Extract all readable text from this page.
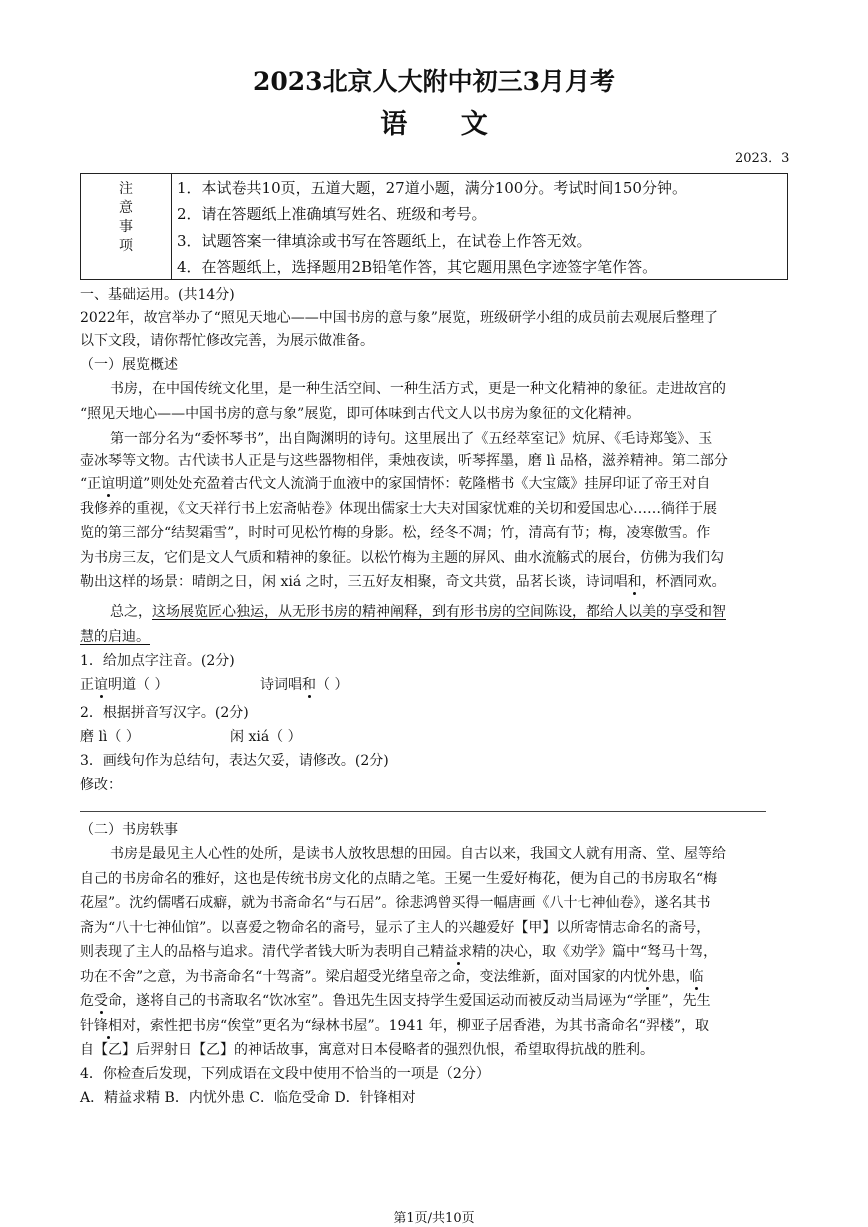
2023北京人大附中初三3月月考
语 文
2023．3
注
意
事
项
1．本试卷共10页，五道大题，27道小题，满分100分。考试时间150分钟。
2．请在答题纸上准确填写姓名、班级和考号。
3．试题答案一律填涂或书写在答题纸上，在试卷上作答无效。
4．在答题纸上，选择题用2B铅笔作答，其它题用黑色字迹签字笔作答。
一、基础运用。(共14分)
2022年，故宫举办了“照见天地心——中国书房的意与象”展览，班级研学小组的成员前去观展后整理了
以下文段，请你帮忙修改完善，为展示做准备。
（一）展览概述
书房，在中国传统文化里，是一种生活空间、一种生活方式，更是一种文化精神的象征。走进故宫的
“照见天地心——中国书房的意与象”展览，即可体味到古代文人以书房为象征的文化精神。
第一部分名为“委怀琴书”，出自陶渊明的诗句。这里展出了《五经萃室记》炕屏、《毛诗郑笺》、玉
壶冰琴等文物。古代读书人正是与这些器物相伴，秉烛夜读，听琴挥墨，磨 lì 品格，滋养精神。第二部分
“正谊明道”则处处充盈着古代文人流淌于血液中的家国情怀：乾隆楷书《大宝箴》挂屏印证了帝王对自
我修养的重视，《文天祥行书上宏斋帖卷》体现出儒家士大夫对国家忧难的关切和爱国忠心……徜徉于展
览的第三部分“结契霜雪”，时时可见松竹梅的身影。松，经冬不凋；竹，清高有节；梅，凌寒傲雪。作
为书房三友，它们是文人气质和精神的象征。以松竹梅为主题的屏风、曲水流觞式的展台，仿佛为我们勾
勒出这样的场景：晴朗之日，闲 xiá 之时，三五好友相聚，奇文共赏，品茗长谈，诗词唱和，杯酒同欢。
总之，这场展览匠心独运，从无形书房的精神阐释，到有形书房的空间陈设，都给人以美的享受和智
慧的启迪。
1．给加点字注音。(2分)
正谊明道（ ）	诗词唱和（ ）
2．根据拼音写汉字。(2分)
磨 lì（ ）	闲 xiá（ ）
3．画线句作为总结句，表达欠妥，请修改。(2分)
修改：
（二）书房轶事
书房是最见主人心性的处所，是读书人放牧思想的田园。自古以来，我国文人就有用斋、堂、屋等给
自己的书房命名的雅好，这也是传统书房文化的点睛之笔。王冕一生爱好梅花，便为自己的书房取名“梅
花屋”。沈约儒嗜石成癖，就为书斋命名“与石居”。徐悲鸿曾买得一幅唐画《八十七神仙卷》，遂名其书
斋为“八十七神仙馆”。以喜爱之物命名的斋号，显示了主人的兴趣爱好【甲】以所寄情志命名的斋号，
则表现了主人的品格与追求。清代学者钱大昕为表明自己精益求精的决心，取《劝学》篇中“驽马十驾，
功在不舍”之意，为书斋命名“十驾斋”。梁启超受光绪皇帝之命，变法维新，面对国家的内忧外患，临
危受命，遂将自己的书斋取名“饮冰室”。鲁迅先生因支持学生爱国运动而被反动当局诬为“学匪”，先生
针锋相对，索性把书房“俟堂”更名为“绿林书屋”。1941 年，柳亚子居香港，为其书斋命名“羿楼”，取
自【乙】后羿射日【乙】的神话故事，寓意对日本侵略者的强烈仇恨，希望取得抗战的胜利。
4．你检查后发现，下列成语在文段中使用不恰当的一项是（2分）
A．精益求精 B．内忧外患 C．临危受命 D．针锋相对
第1页/共10页
